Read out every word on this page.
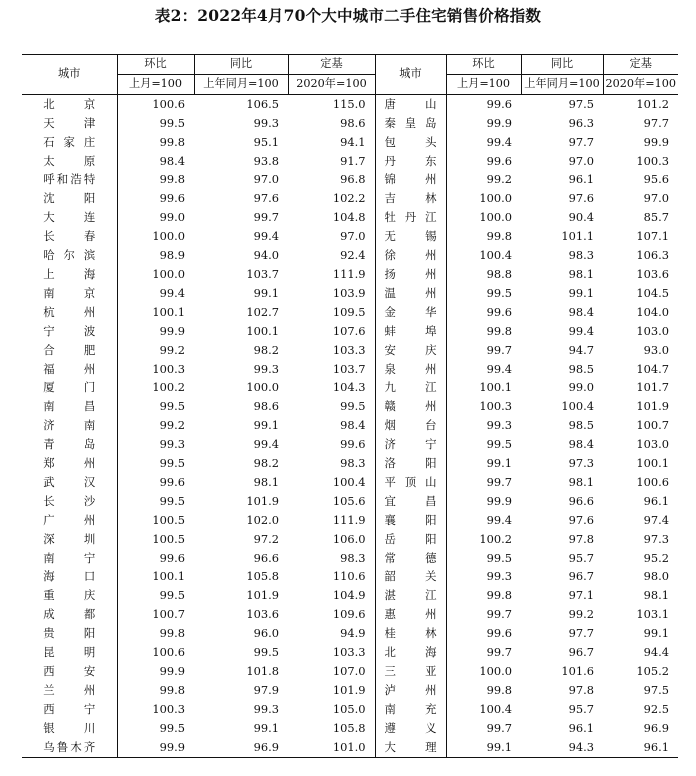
表2：2022年4月70个大中城市二手住宅销售价格指数
城市	环比	同比	定基	城市	环比	同比	定基
	上月=100	上年同月=100	2020年=100		上月=100	上年同月=100	2020年=100
北京	100.6	106.5	115.0	唐山	99.6	97.5	101.2
天津	99.5	99.3	98.6	秦皇岛	99.9	96.3	97.7
石家庄	99.8	95.1	94.1	包头	99.4	97.7	99.9
太原	98.4	93.8	91.7	丹东	99.6	97.0	100.3
呼和浩特	99.8	97.0	96.8	锦州	99.2	96.1	95.6
沈阳	99.6	97.6	102.2	吉林	100.0	97.6	97.0
大连	99.0	99.7	104.8	牡丹江	100.0	90.4	85.7
长春	100.0	99.4	97.0	无锡	99.8	101.1	107.1
哈尔滨	98.9	94.0	92.4	徐州	100.4	98.3	106.3
上海	100.0	103.7	111.9	扬州	98.8	98.1	103.6
南京	99.4	99.1	103.9	温州	99.5	99.1	104.5
杭州	100.1	102.7	109.5	金华	99.6	98.4	104.0
宁波	99.9	100.1	107.6	蚌埠	99.8	99.4	103.0
合肥	99.2	98.2	103.3	安庆	99.7	94.7	93.0
福州	100.3	99.3	103.7	泉州	99.4	98.5	104.7
厦门	100.2	100.0	104.3	九江	100.1	99.0	101.7
南昌	99.5	98.6	99.5	赣州	100.3	100.4	101.9
济南	99.2	99.1	98.4	烟台	99.3	98.5	100.7
青岛	99.3	99.4	99.6	济宁	99.5	98.4	103.0
郑州	99.5	98.2	98.3	洛阳	99.1	97.3	100.1
武汉	99.6	98.1	100.4	平顶山	99.7	98.1	100.6
长沙	99.5	101.9	105.6	宜昌	99.9	96.6	96.1
广州	100.5	102.0	111.9	襄阳	99.4	97.6	97.4
深圳	100.5	97.2	106.0	岳阳	100.2	97.8	97.3
南宁	99.6	96.6	98.3	常德	99.5	95.7	95.2
海口	100.1	105.8	110.6	韶关	99.3	96.7	98.0
重庆	99.5	101.9	104.9	湛江	99.8	97.1	98.1
成都	100.7	103.6	109.6	惠州	99.7	99.2	103.1
贵阳	99.8	96.0	94.9	桂林	99.6	97.7	99.1
昆明	100.6	99.5	103.3	北海	99.7	96.7	94.4
西安	99.9	101.8	107.0	三亚	100.0	101.6	105.2
兰州	99.8	97.9	101.9	泸州	99.8	97.8	97.5
西宁	100.3	99.3	105.0	南充	100.4	95.7	92.5
银川	99.5	99.1	105.8	遵义	99.7	96.1	96.9
乌鲁木齐	99.9	96.9	101.0	大理	99.1	94.3	96.1
